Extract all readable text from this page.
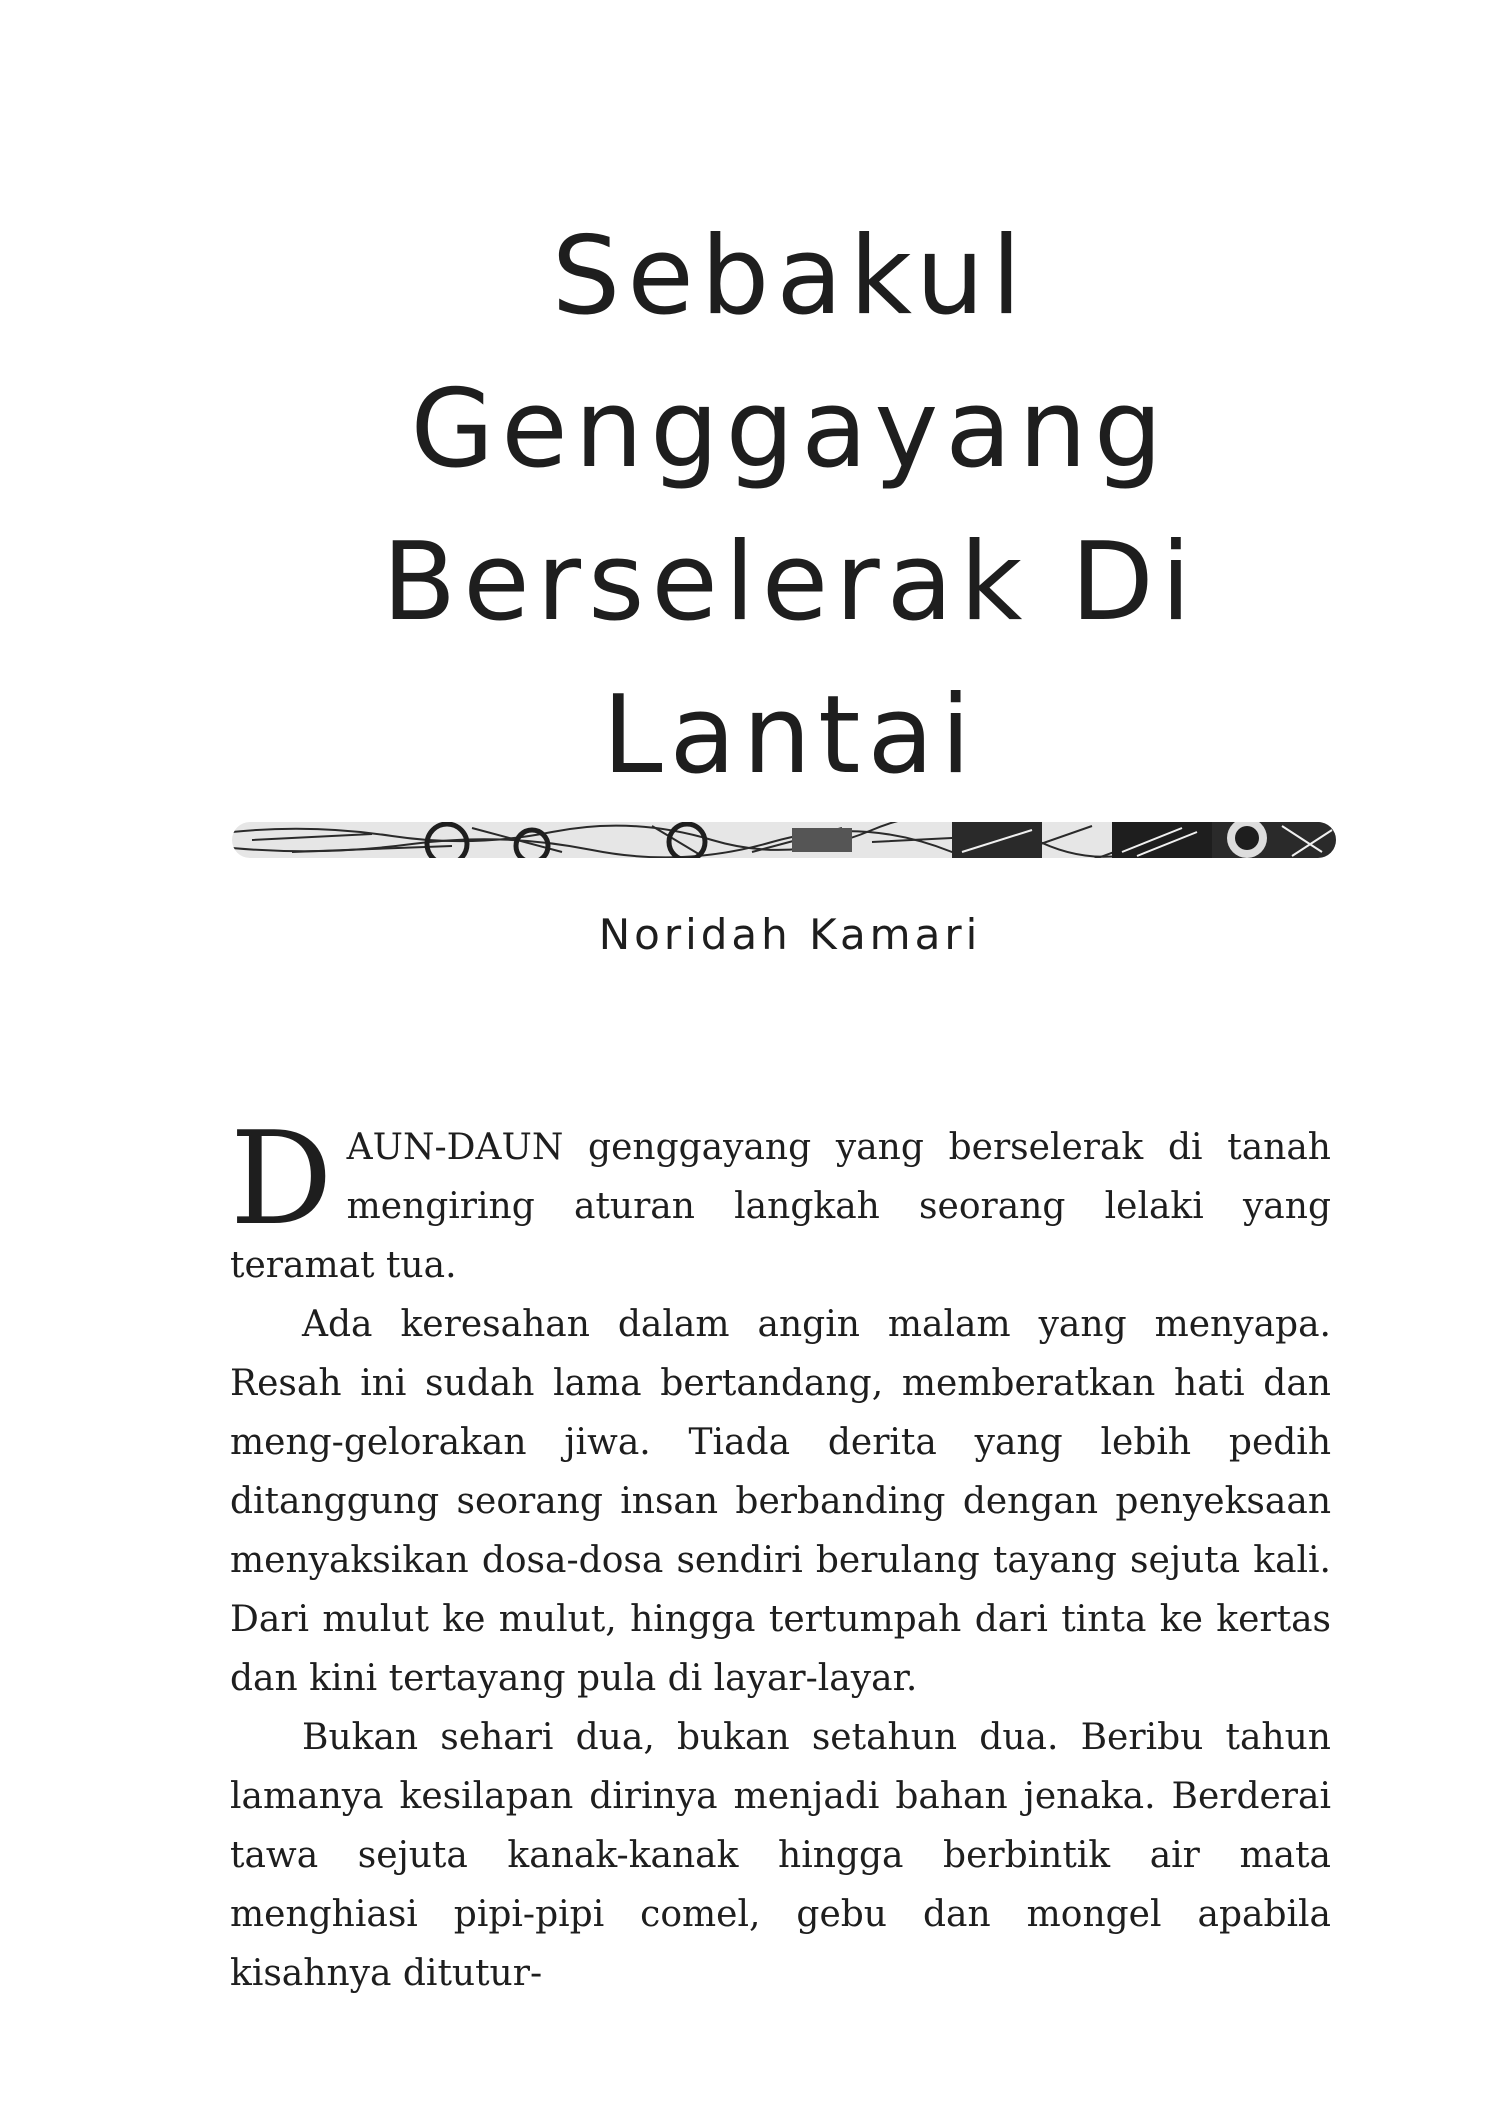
Sebakul
Genggayang
Berselerak Di
Lantai

Noridah Kamari

DAUN-DAUN genggayang yang berselerak di tanah mengiring aturan langkah seorang lelaki yang teramat tua.

Ada keresahan dalam angin malam yang menyapa. Resah ini sudah lama bertandang, memberatkan hati dan meng-gelorakan jiwa. Tiada derita yang lebih pedih ditanggung seorang insan berbanding dengan penyeksaan menyaksikan dosa-dosa sendiri berulang tayang sejuta kali. Dari mulut ke mulut, hingga tertumpah dari tinta ke kertas dan kini tertayang pula di layar-layar.

Bukan sehari dua, bukan setahun dua. Beribu tahun lamanya kesilapan dirinya menjadi bahan jenaka. Berderai tawa sejuta kanak-kanak hingga berbintik air mata menghiasi pipi-pipi comel, gebu dan mongel apabila kisahnya ditutur-
